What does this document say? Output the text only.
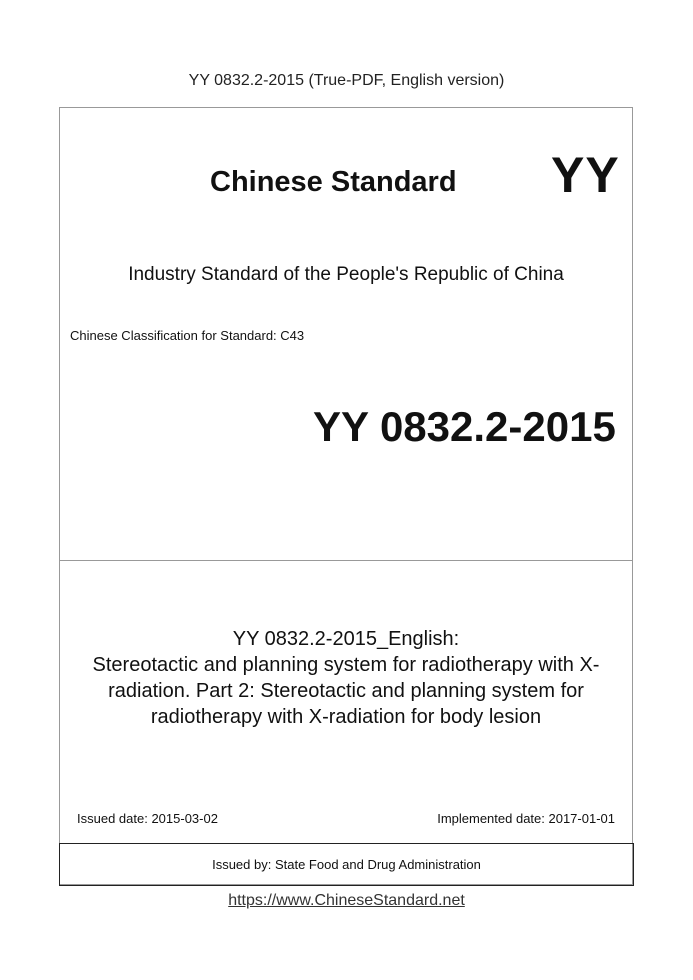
YY 0832.2-2015 (True-PDF, English version)
Chinese Standard YY
Industry Standard of the People's Republic of China
Chinese Classification for Standard: C43
YY 0832.2-2015
YY 0832.2-2015_English:
Stereotactic and planning system for radiotherapy with X-
radiation. Part 2: Stereotactic and planning system for
radiotherapy with X-radiation for body lesion
Issued date: 2015-03-02	Implemented date: 2017-01-01
Issued by: State Food and Drug Administration
https://www.ChineseStandard.net
